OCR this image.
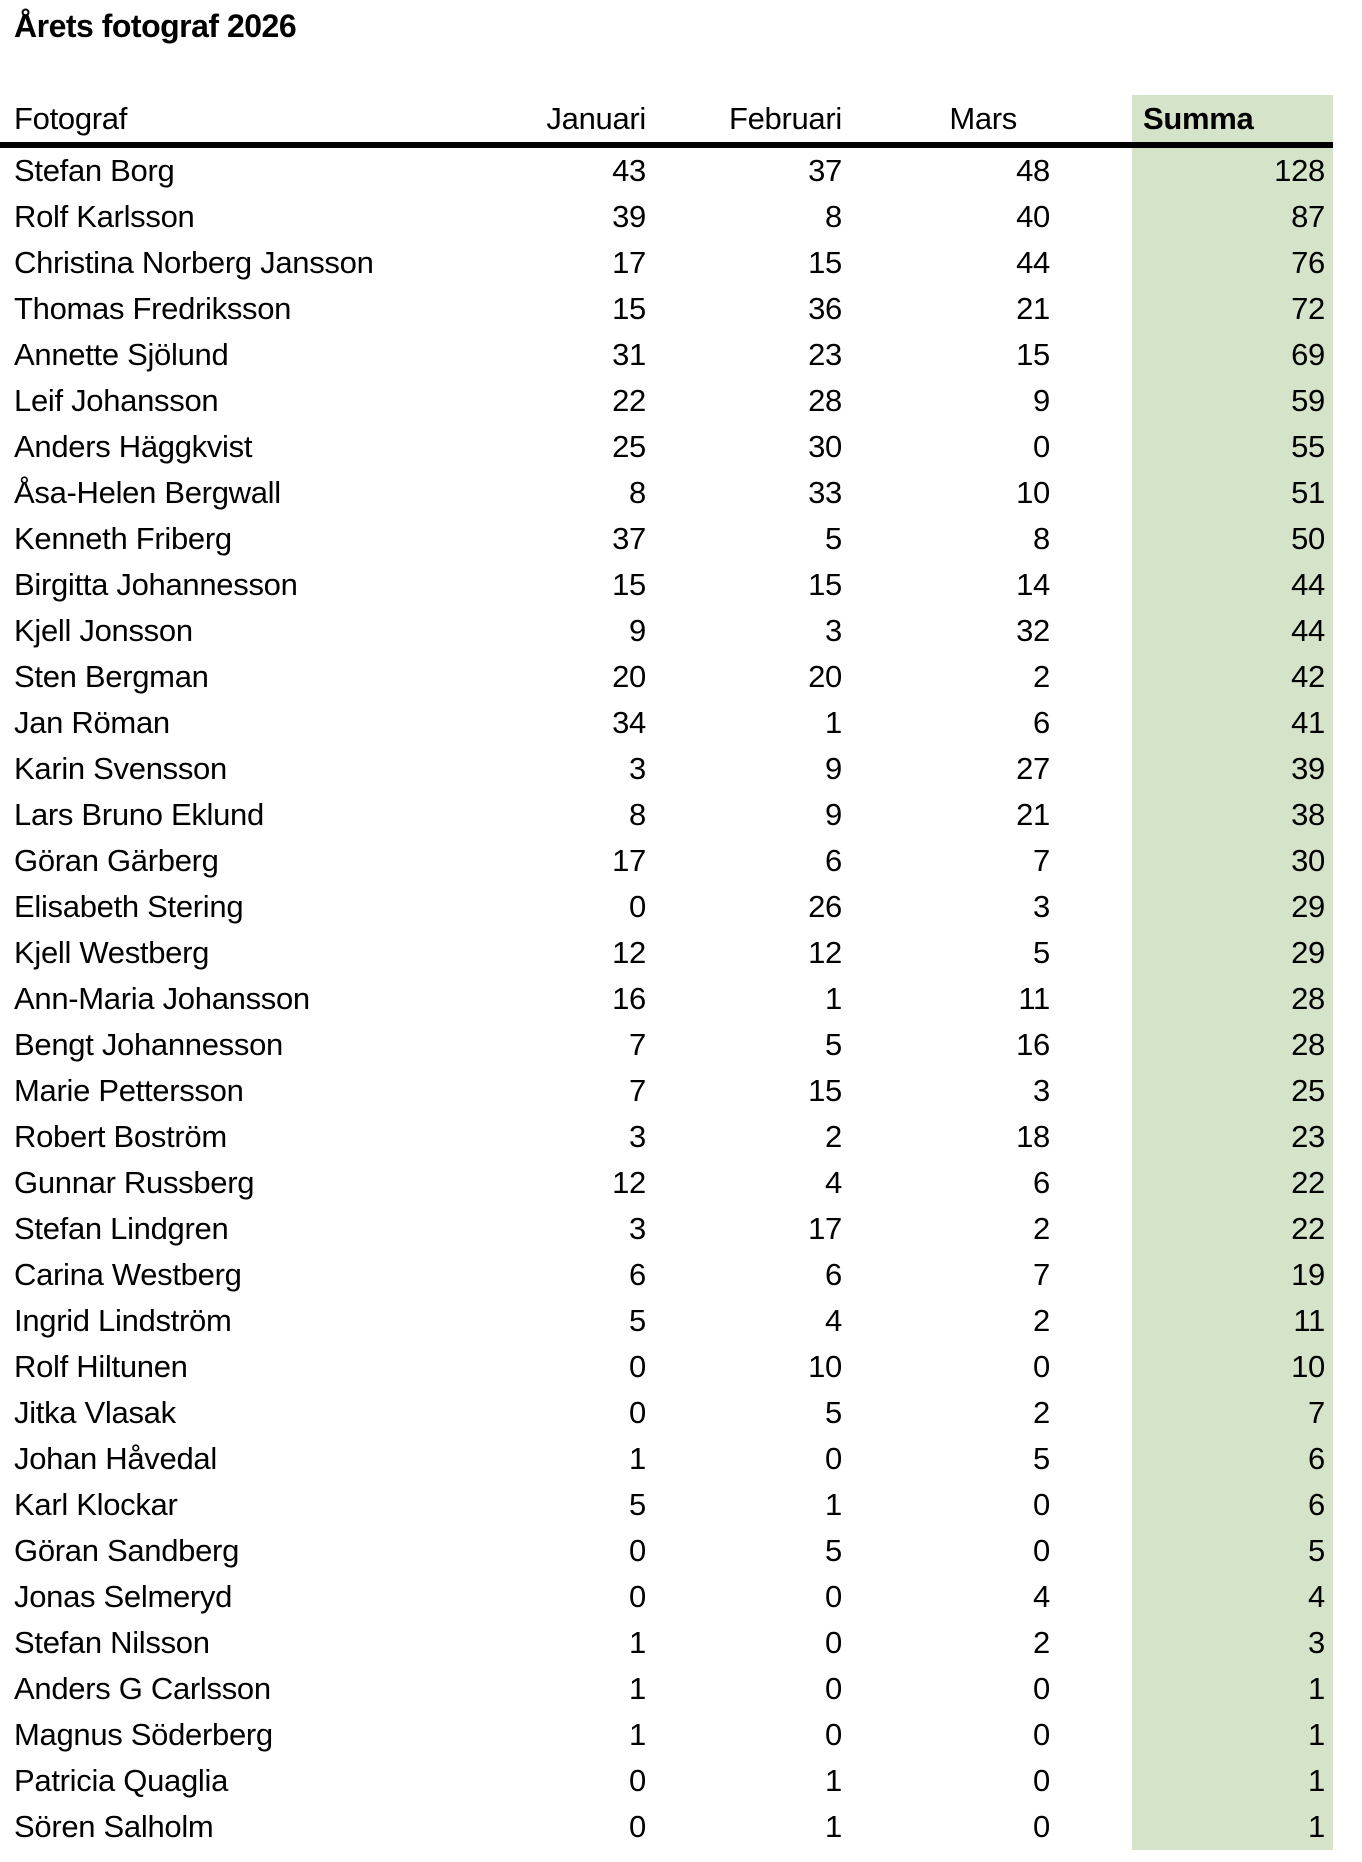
Årets fotograf 2026
Fotograf	Januari	Februari	Mars	Summa
Stefan Borg	43	37	48	128
Rolf Karlsson	39	8	40	87
Christina Norberg Jansson	17	15	44	76
Thomas Fredriksson	15	36	21	72
Annette Sjölund	31	23	15	69
Leif Johansson	22	28	9	59
Anders Häggkvist	25	30	0	55
Åsa-Helen Bergwall	8	33	10	51
Kenneth Friberg	37	5	8	50
Birgitta Johannesson	15	15	14	44
Kjell Jonsson	9	3	32	44
Sten Bergman	20	20	2	42
Jan Röman	34	1	6	41
Karin Svensson	3	9	27	39
Lars Bruno Eklund	8	9	21	38
Göran Gärberg	17	6	7	30
Elisabeth Stering	0	26	3	29
Kjell Westberg	12	12	5	29
Ann-Maria Johansson	16	1	11	28
Bengt Johannesson	7	5	16	28
Marie Pettersson	7	15	3	25
Robert Boström	3	2	18	23
Gunnar Russberg	12	4	6	22
Stefan Lindgren	3	17	2	22
Carina Westberg	6	6	7	19
Ingrid Lindström	5	4	2	11
Rolf Hiltunen	0	10	0	10
Jitka Vlasak	0	5	2	7
Johan Håvedal	1	0	5	6
Karl Klockar	5	1	0	6
Göran Sandberg	0	5	0	5
Jonas Selmeryd	0	0	4	4
Stefan Nilsson	1	0	2	3
Anders G Carlsson	1	0	0	1
Magnus Söderberg	1	0	0	1
Patricia Quaglia	0	1	0	1
Sören Salholm	0	1	0	1
